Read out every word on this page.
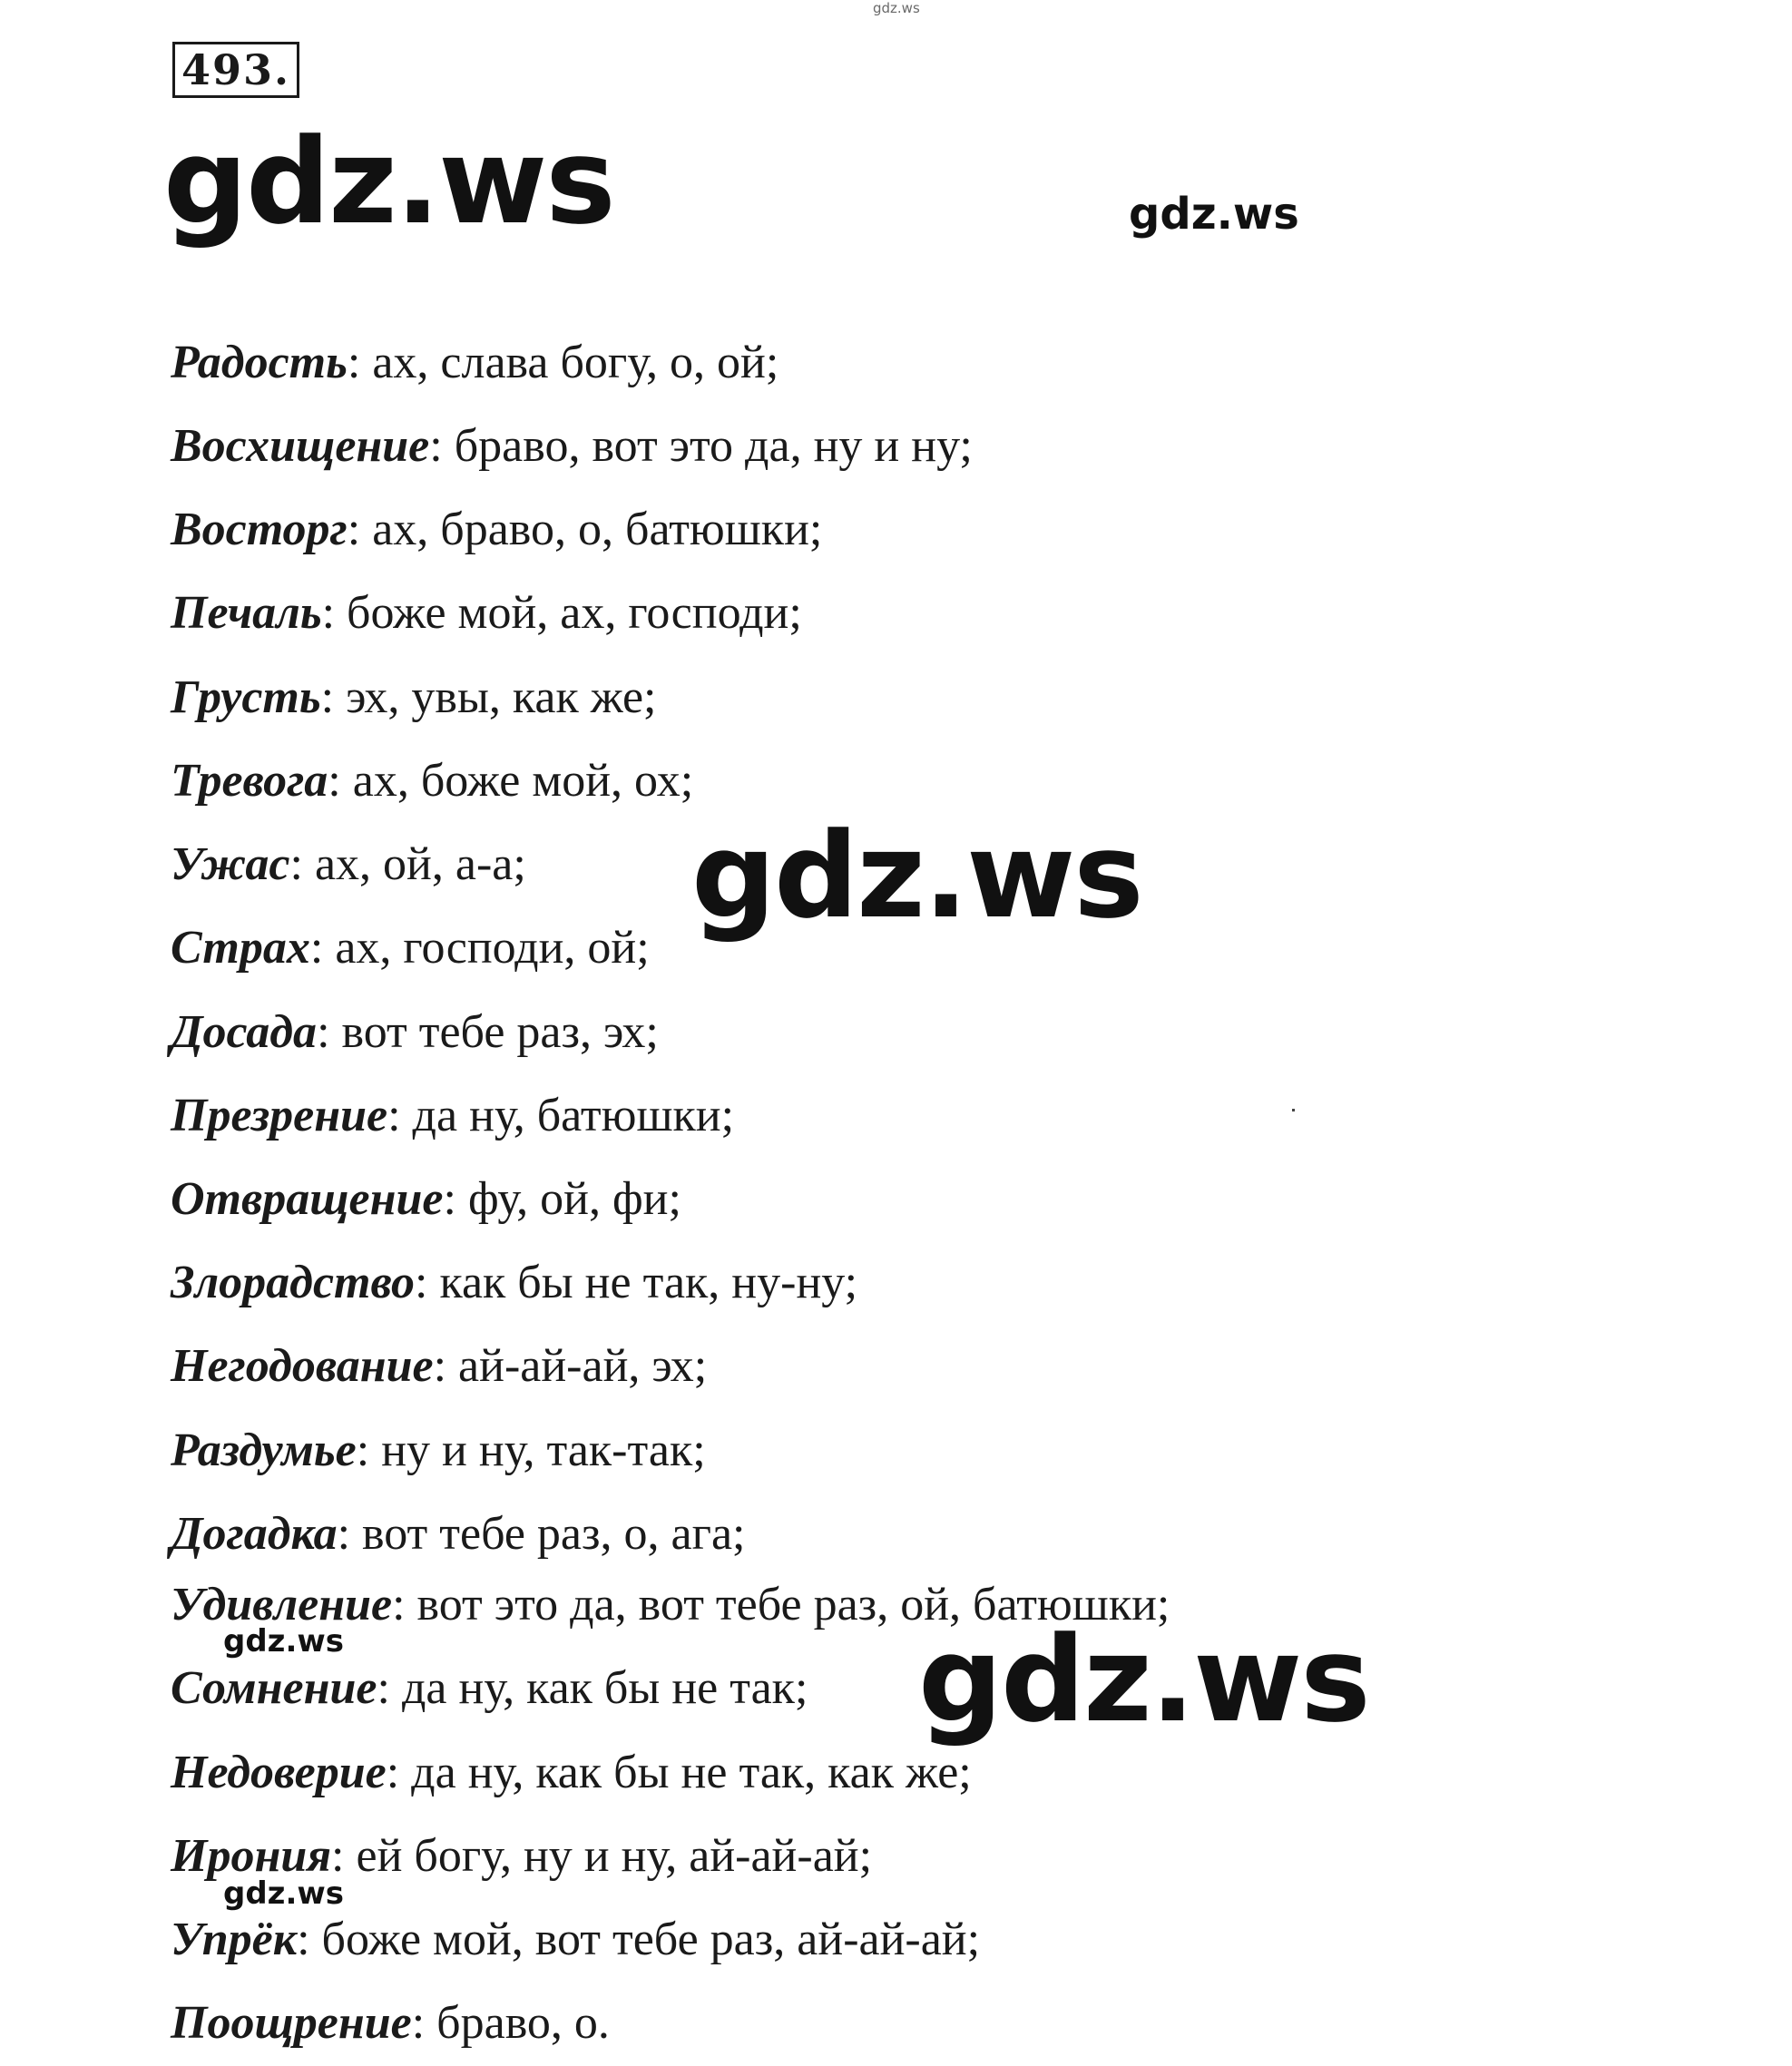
493.
gdz.ws
gdz.ws	gdz.ws
Радость: ах, слава богу, о, ой;
Восхищение: браво, вот это да, ну и ну;
Восторг: ах, браво, о, батюшки;
Печаль: боже мой, ах, господи;
Грусть: эх, увы, как же;
Тревога: ах, боже мой, ох;
Ужас: ах, ой, а-а;
Страх: ах, господи, ой;
Досада: вот тебе раз, эх;
Презрение: да ну, батюшки;
Отвращение: фу, ой, фи;
Злорадство: как бы не так, ну-ну;
Негодование: ай-ай-ай, эх;
Раздумье: ну и ну, так-так;
Догадка: вот тебе раз, о, ага;
Удивление: вот это да, вот тебе раз, ой, батюшки;
Сомнение: да ну, как бы не так;
Недоверие: да ну, как бы не так, как же;
Ирония: ей богу, ну и ну, ай-ай-ай;
Упрёк: боже мой, вот тебе раз, ай-ай-ай;
Поощрение: браво, о.
gdz.ws
gdz.ws
gdz.ws
gdz.ws
